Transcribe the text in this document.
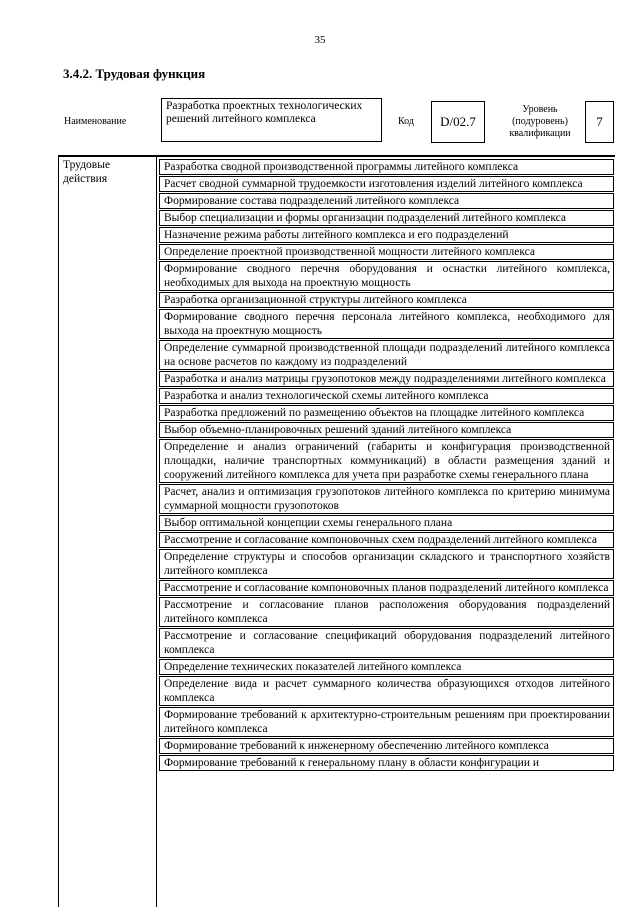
35
3.4.2. Трудовая функция
Наименование
Разработка проектных технологических решений литейного комплекса	Код	D/02.7
Уровень (подуровень) квалификации
7
Трудовые действия
Разработка сводной производственной программы литейного комплекса
Расчет сводной суммарной трудоемкости изготовления изделий литейного комплекса
Формирование состава подразделений литейного комплекса
Выбор специализации и формы организации подразделений литейного комплекса
Назначение режима работы литейного комплекса и его подразделений
Определение проектной производственной мощности литейного комплекса
Формирование сводного перечня оборудования и оснастки литейного комплекса, необходимых для выхода на проектную мощность
Разработка организационной структуры литейного комплекса
Формирование сводного перечня персонала литейного комплекса, необходимого для выхода на проектную мощность
Определение суммарной производственной площади подразделений литейного комплекса на основе расчетов по каждому из подразделений
Разработка и анализ матрицы грузопотоков между подразделениями литейного комплекса
Разработка и анализ технологической схемы литейного комплекса
Разработка предложений по размещению объектов на площадке литейного комплекса
Выбор объемно-планировочных решений зданий литейного комплекса
Определение и анализ ограничений (габариты и конфигурация производственной площадки, наличие транспортных коммуникаций) в области размещения зданий и сооружений литейного комплекса для учета при разработке схемы генерального плана
Расчет, анализ и оптимизация грузопотоков литейного комплекса по критерию минимума суммарной мощности грузопотоков
Выбор оптимальной концепции схемы генерального плана
Рассмотрение и согласование компоновочных схем подразделений литейного комплекса
Определение структуры и способов организации складского и транспортного хозяйств литейного комплекса
Рассмотрение и согласование компоновочных планов подразделений литейного комплекса
Рассмотрение и согласование планов расположения оборудования подразделений литейного комплекса
Рассмотрение и согласование спецификаций оборудования подразделений литейного комплекса
Определение технических показателей литейного комплекса
Определение вида и расчет суммарного количества образующихся отходов литейного комплекса
Формирование требований к архитектурно-строительным решениям при проектировании литейного комплекса
Формирование требований к инженерному обеспечению литейного комплекса
Формирование требований к генеральному плану в области конфигурации и
